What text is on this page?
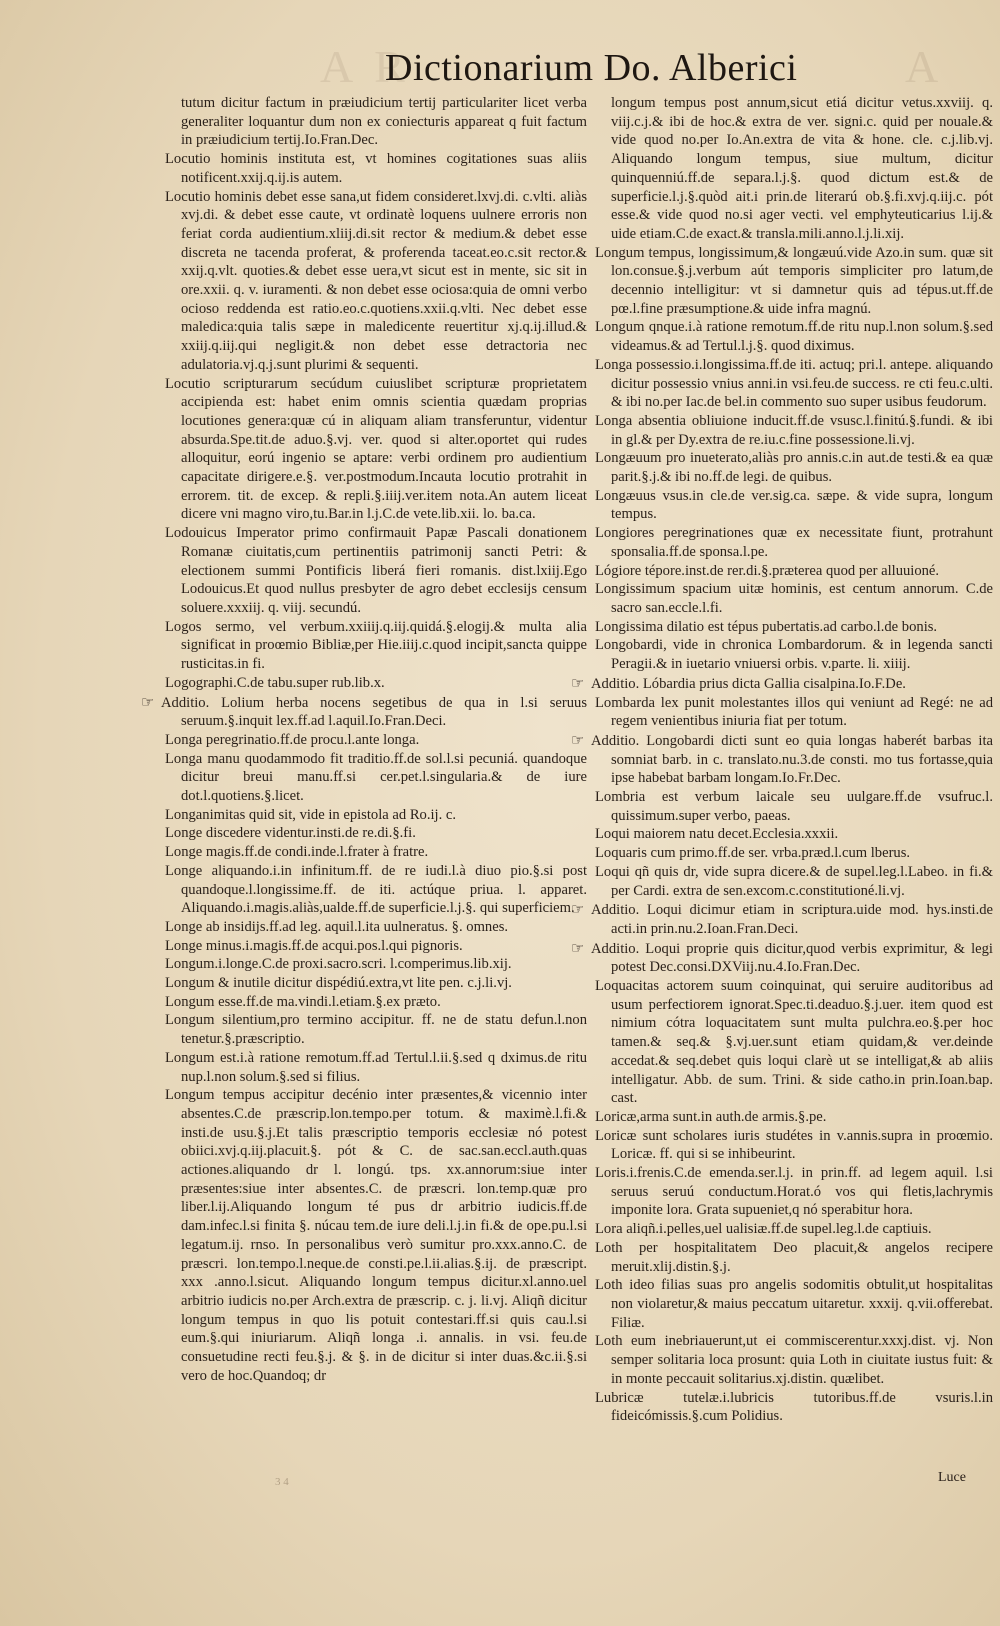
A R	A
Dictionarium Do. Alberici

tutum dicitur factum in præiudicium tertij particulariter licet verba generaliter loquantur dum non ex coniecturis appareat q fuit factum in præiudicium tertij.Io.Fran.Dec.

Locutio hominis instituta est, vt homines cogitationes suas aliis notificent.xxij.q.ij.is autem.

Locutio hominis debet esse sana,ut fidem consideret.lxvj.di. c.vlti. aliàs xvj.di. & debet esse caute, vt ordinatè loquens uulnere erroris non feriat corda audientium.xliij.di.sit rector & medium.& debet esse discreta ne tacenda proferat, & proferenda taceat.eo.c.sit rector.& xxij.q.vlt. quoties.& debet esse uera,vt sicut est in mente, sic sit in ore.xxii. q. v. iuramenti. & non debet esse ociosa:quia de omni verbo ocioso reddenda est ratio.eo.c.quotiens.xxii.q.vlti. Nec debet esse maledica:quia talis sæpe in maledicente reuertitur xj.q.ij.illud.& xxiij.q.iij.qui negligit.& non debet esse detractoria nec adulatoria.vj.q.j.sunt plurimi & sequenti.

Locutio scripturarum secúdum cuiuslibet scripturæ proprietatem accipienda est: habet enim omnis scientia quædam proprias locutiones genera:quæ cú in aliquam aliam transferuntur, videntur absurda.Spe.tit.de aduo.§.vj. ver. quod si alter.oportet qui rudes alloquitur, eorú ingenio se aptare: verbi ordinem pro audientium capacitate dirigere.e.§. ver.postmodum.Incauta locutio protrahit in errorem. tit. de excep. & repli.§.iiij.ver.item nota.An autem liceat dicere vni magno viro,tu.Bar.in l.j.C.de vete.lib.xii. lo. ba.ca.

Lodouicus Imperator primo confirmauit Papæ Pascali donationem Romanæ ciuitatis,cum pertinentiis patrimonij sancti Petri: & electionem summi Pontificis liberá fieri romanis. dist.lxiij.Ego Lodouicus.Et quod nullus presbyter de agro debet ecclesijs censum soluere.xxxiij. q. viij. secundú.

Logos sermo, vel verbum.xxiiij.q.iij.quidá.§.elogij.& multa alia significat in proœmio Bibliæ,per Hie.iiij.c.quod incipit,sancta quippe rusticitas.in fi.

Logographi.C.de tabu.super rub.lib.x.

☞ Additio. Lolium herba nocens segetibus de qua in l.si seruus seruum.§.inquit lex.ff.ad l.aquil.Io.Fran.Deci.

Longa peregrinatio.ff.de procu.l.ante longa.

Longa manu quodammodo fit traditio.ff.de sol.l.si pecuniá. quandoque dicitur breui manu.ff.si cer.pet.l.singularia.& de iure dot.l.quotiens.§.licet.

Longanimitas quid sit, vide in epistola ad Ro.ij. c.

Longe discedere videntur.insti.de re.di.§.fi.

Longe magis.ff.de condi.inde.l.frater à fratre.

Longe aliquando.i.in infinitum.ff. de re iudi.l.à diuo pio.§.si post quandoque.l.longissime.ff. de iti. actúque priua. l. apparet. Aliquando.i.magis.aliàs,ualde.ff.de superficie.l.j.§. qui superficiem.

Longe ab insidijs.ff.ad leg. aquil.l.ita uulneratus. §. omnes.

Longe minus.i.magis.ff.de acqui.pos.l.qui pignoris.

Longum.i.longe.C.de proxi.sacro.scri. l.comperimus.lib.xij.

Longum & inutile dicitur dispédiú.extra,vt lite pen. c.j.li.vj.

Longum esse.ff.de ma.vindi.l.etiam.§.ex præto.

Longum silentium,pro termino accipitur. ff. ne de statu defun.l.non tenetur.§.præscriptio.

Longum est.i.à ratione remotum.ff.ad Tertul.l.ii.§.sed q dximus.de ritu nup.l.non solum.§.sed si filius.

Longum tempus accipitur decénio inter præsentes,& vicennio inter absentes.C.de præscrip.lon.tempo.per totum. & maximè.l.fi.& insti.de usu.§.j.Et talis præscriptio temporis ecclesiæ nó potest obiici.xvj.q.iij.placuit.§. pót & C. de sac.san.eccl.auth.quas actiones.aliquando dr l. longú. tps. xx.annorum:siue inter præsentes:siue inter absentes.C. de præscri. lon.temp.quæ pro liber.l.ij.Aliquando longum té pus dr arbitrio iudicis.ff.de dam.infec.l.si finita §. núcau tem.de iure deli.l.j.in fi.& de ope.pu.l.si legatum.ij. rnso. In personalibus verò sumitur pro.xxx.anno.C. de præscri. lon.tempo.l.neque.de consti.pe.l.ii.alias.§.ij. de præscript. xxx .anno.l.sicut. Aliquando longum tempus dicitur.xl.anno.uel arbitrio iudicis no.per Arch.extra de præscrip. c. j. li.vj. Aliqñ dicitur longum tempus in quo lis potuit contestari.ff.si quis cau.l.si eum.§.qui iniuriarum. Aliqñ longa .i. annalis. in vsi. feu.de consuetudine recti feu.§.j. & §. in de dicitur si inter duas.&c.ii.§.si vero de hoc.Quandoq; dr

longum tempus post annum,sicut etiá dicitur vetus.xxviij. q. viij.c.j.& ibi de hoc.& extra de ver. signi.c. quid per nouale.& vide quod no.per Io.An.extra de vita & hone. cle. c.j.lib.vj. Aliquando longum tempus, siue multum, dicitur quinquenniú.ff.de separa.l.j.§. quod dictum est.& de superficie.l.j.§.quòd ait.i prin.de literarú ob.§.fi.xvj.q.iij.c. pót esse.& vide quod no.si ager vecti. vel emphyteuticarius l.ij.& uide etiam.C.de exact.& transla.mili.anno.l.j.li.xij.

Longum tempus, longissimum,& longæuú.vide Azo.in sum. quæ sit lon.consue.§.j.verbum aút temporis simpliciter pro latum,de decennio intelligitur: vt si damnetur quis ad tépus.ut.ff.de pœ.l.fine præsumptione.& uide infra magnú.

Longum qnque.i.à ratione remotum.ff.de ritu nup.l.non solum.§.sed videamus.& ad Tertul.l.j.§. quod diximus.

Longa possessio.i.longissima.ff.de iti. actuq; pri.l. antepe. aliquando dicitur possessio vnius anni.in vsi.feu.de success. re cti feu.c.ulti. & ibi no.per Iac.de bel.in commento suo super usibus feudorum.

Longa absentia obliuione inducit.ff.de vsusc.l.finitú.§.fundi. & ibi in gl.& per Dy.extra de re.iu.c.fine possessione.li.vj.

Longæuum pro inueterato,aliàs pro annis.c.in aut.de testi.& ea quæ parit.§.j.& ibi no.ff.de legi. de quibus.

Longæuus vsus.in cle.de ver.sig.ca. sæpe. & vide supra, longum tempus.

Longiores peregrinationes quæ ex necessitate fiunt, protrahunt sponsalia.ff.de sponsa.l.pe.

Lógiore tépore.inst.de rer.di.§.præterea quod per alluuioné.

Longissimum spacium uitæ hominis, est centum annorum. C.de sacro san.eccle.l.fi.

Longissima dilatio est tépus pubertatis.ad carbo.l.de bonis.

Longobardi, vide in chronica Lombardorum. & in legenda sancti Peragii.& in iuetario vniuersi orbis. v.parte. li. xiiij.

☞ Additio. Lóbardia prius dicta Gallia cisalpina.Io.F.De.

Lombarda lex punit molestantes illos qui veniunt ad Regé: ne ad regem venientibus iniuria fiat per totum.

☞ Additio. Longobardi dicti sunt eo quia longas haberét barbas ita somniat barb. in c. translato.nu.3.de consti. mo tus fortasse,quia ipse habebat barbam longam.Io.Fr.Dec.

Lombria est verbum laicale seu uulgare.ff.de vsufruc.l. quissimum.super verbo, paeas.

Loqui maiorem natu decet.Ecclesia.xxxii.

Loquaris cum primo.ff.de ser. vrba.præd.l.cum lberus.

Loqui qñ quis dr, vide supra dicere.& de supel.leg.l.Labeo. in fi.& per Cardi. extra de sen.excom.c.constitutioné.li.vj.

☞ Additio. Loqui dicimur etiam in scriptura.uide mod. hys.insti.de acti.in prin.nu.2.Ioan.Fran.Deci.

☞ Additio. Loqui proprie quis dicitur,quod verbis exprimitur, & legi potest Dec.consi.DXViij.nu.4.Io.Fran.Dec.

Loquacitas actorem suum coinquinat, qui seruire auditoribus ad usum perfectiorem ignorat.Spec.ti.deaduo.§.j.uer. item quod est nimium cótra loquacitatem sunt multa pulchra.eo.§.per hoc tamen.& seq.& §.vj.uer.sunt etiam quidam,& ver.deinde accedat.& seq.debet quis loqui clarè ut se intelligat,& ab aliis intelligatur. Abb. de sum. Trini. & side catho.in prin.Ioan.bap. cast.

Loricæ,arma sunt.in auth.de armis.§.pe.

Loricæ sunt scholares iuris studétes in v.annis.supra in proœmio. Loricæ. ff. qui si se inhibeurint.

Loris.i.frenis.C.de emenda.ser.l.j. in prin.ff. ad legem aquil. l.si seruus seruú conductum.Horat.ó vos qui fletis,lachrymis imponite lora. Grata supueniet,q nó sperabitur hora.

Lora aliqñ.i.pelles,uel ualisiæ.ff.de supel.leg.l.de captiuis.

Loth per hospitalitatem Deo placuit,& angelos recipere meruit.xlij.distin.§.j.

Loth ideo filias suas pro angelis sodomitis obtulit,ut hospitalitas non violaretur,& maius peccatum uitaretur. xxxij. q.vii.offerebat. Filiæ.

Loth eum inebriauerunt,ut ei commiscerentur.xxxj.dist. vj. Non semper solitaria loca prosunt: quia Loth in ciuitate iustus fuit: & in monte peccauit solitarius.xj.distin. quælibet.

Lubricæ tutelæ.i.lubricis tutoribus.ff.de vsuris.l.in fideicómissis.§.cum Polidius.

3 4	Luce
